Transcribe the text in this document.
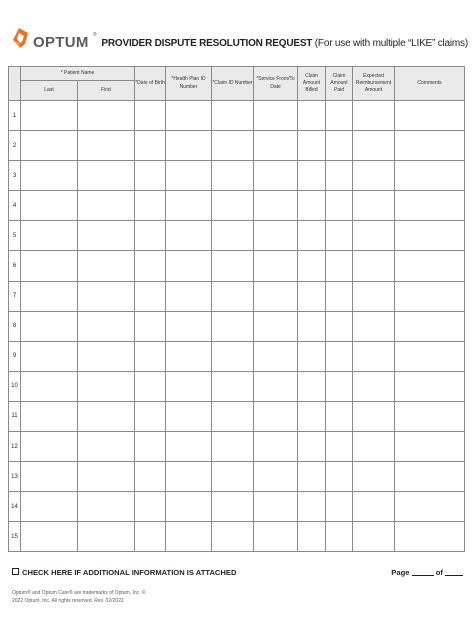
OPTUM ®
PROVIDER DISPUTE RESOLUTION REQUEST (For use with multiple “LIKE” claims)
	* Patient Name		*Date of Birth	*Health Plan ID Number	*Claim ID Number	*Service From/To Date	Claim Amount Billed	Claim Amount Paid	Expected Reimbursement Amount	Comments
	Last	First								
1										
2										
3										
4										
5										
6										
7										
8										
9										
10										
11										
12										
13										
14										
15										
CHECK HERE IF ADDITIONAL INFORMATION IS ATTACHED	Page	of
Optum® and Optum Care® are trademarks of Optum, Inc. ©
2022 Optum, Inc. All rights reserved. Rev. 02/2022
